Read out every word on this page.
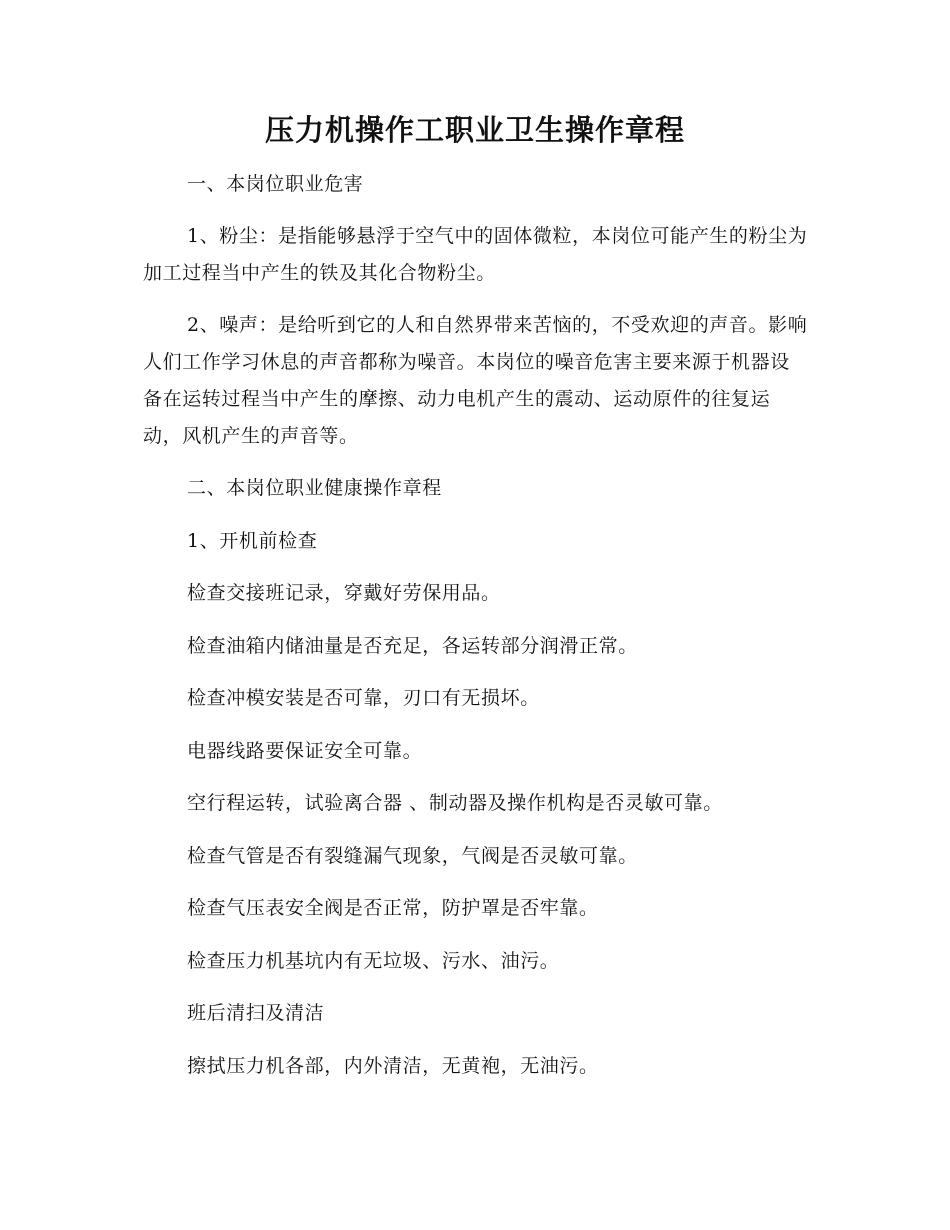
压力机操作工职业卫生操作章程

一、本岗位职业危害

1、粉尘：是指能够悬浮于空气中的固体微粒，本岗位可能产生的粉尘为加工过程当中产生的铁及其化合物粉尘。

2、噪声：是给听到它的人和自然界带来苦恼的，不受欢迎的声音。影响人们工作学习休息的声音都称为噪音。本岗位的噪音危害主要来源于机器设备在运转过程当中产生的摩擦、动力电机产生的震动、运动原件的往复运动，风机产生的声音等。

二、本岗位职业健康操作章程

1、开机前检查

检查交接班记录，穿戴好劳保用品。

检查油箱内储油量是否充足，各运转部分润滑正常。

检查冲模安装是否可靠，刃口有无损坏。

电器线路要保证安全可靠。

空行程运转，试验离合器 、制动器及操作机构是否灵敏可靠。

检查气管是否有裂缝漏气现象，气阀是否灵敏可靠。

检查气压表安全阀是否正常，防护罩是否牢靠。

检查压力机基坑内有无垃圾、污水、油污。

班后清扫及清洁

擦拭压力机各部，内外清洁，无黄袍，无油污。
